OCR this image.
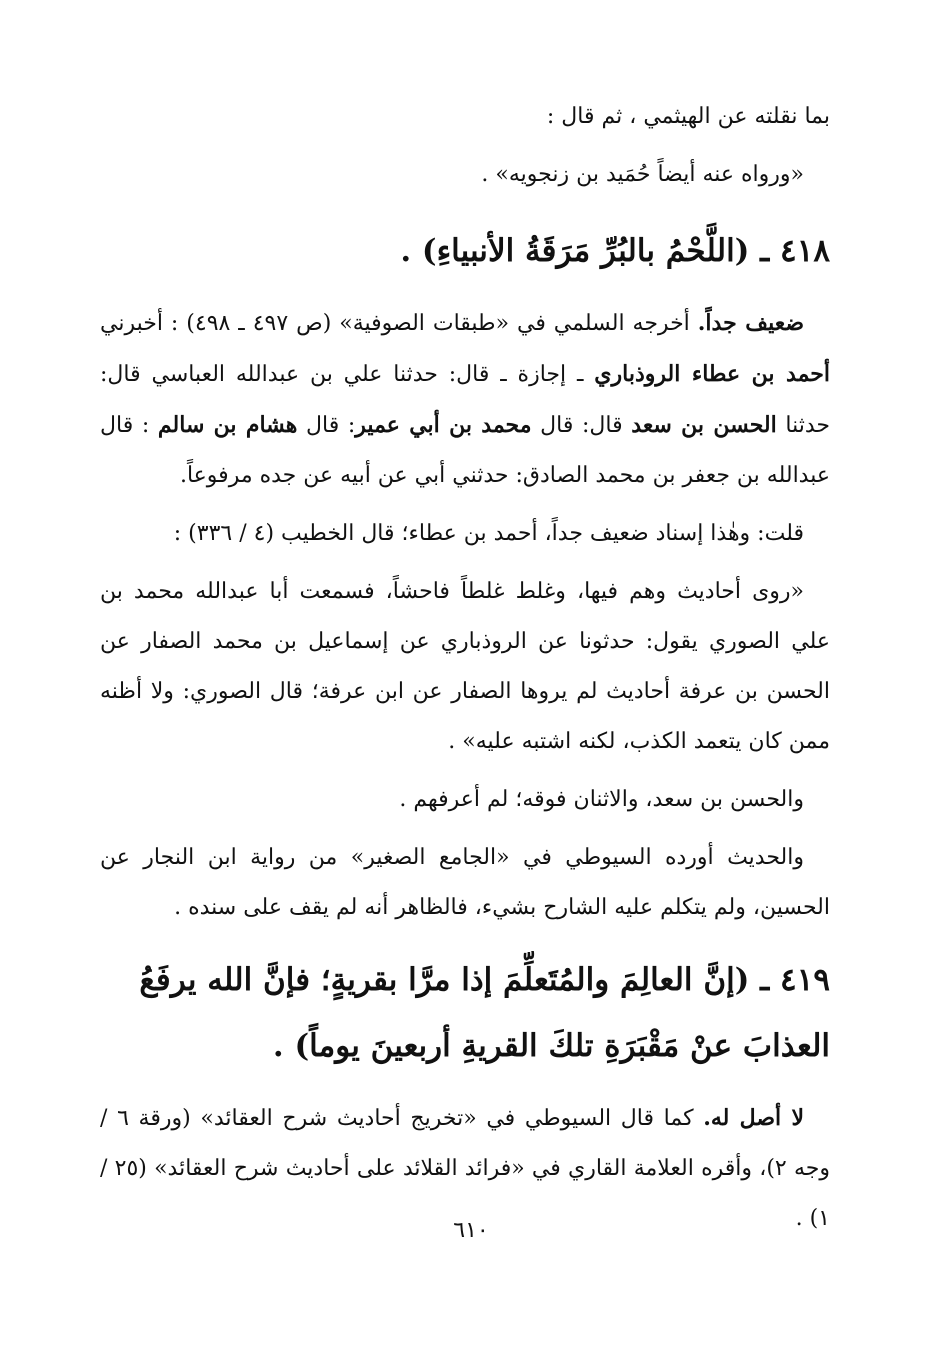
بما نقلته عن الهيثمي ، ثم قال :

«ورواه عنه أيضاً حُمَيد بن زنجويه» .

٤١٨ ـ (اللَّحْمُ بالبُرِّ مَرَقَةُ الأنبياءِ) .

ضعيف جداً. أخرجه السلمي في «طبقات الصوفية» (ص ٤٩٧ ـ ٤٩٨) : أخبرني أحمد بن عطاء الروذباري ـ إجازة ـ قال: حدثنا علي بن عبدالله العباسي قال: حدثنا الحسن بن سعد قال: قال محمد بن أبي عمير: قال هشام بن سالم : قال عبدالله بن جعفر بن محمد الصادق: حدثني أبي عن أبيه عن جده مرفوعاً.

قلت: وهٰذا إسناد ضعيف جداً، أحمد بن عطاء؛ قال الخطيب (٤ / ٣٣٦) :

«روى أحاديث وهم فيها، وغلط غلطاً فاحشاً، فسمعت أبا عبدالله محمد بن علي الصوري يقول: حدثونا عن الروذباري عن إسماعيل بن محمد الصفار عن الحسن بن عرفة أحاديث لم يروها الصفار عن ابن عرفة؛ قال الصوري: ولا أظنه ممن كان يتعمد الكذب، لكنه اشتبه عليه» .

والحسن بن سعد، والاثنان فوقه؛ لم أعرفهم .

والحديث أورده السيوطي في «الجامع الصغير» من رواية ابن النجار عن الحسين، ولم يتكلم عليه الشارح بشيء، فالظاهر أنه لم يقف على سنده .

٤١٩ ـ (إنَّ العالِمَ والمُتَعلِّمَ إذا مرَّا بقريةٍ؛ فإنَّ الله يرفَعُ العذابَ عنْ مَقْبَرَةِ تلكَ القريةِ أربعينَ يوماً) .

لا أصل له. كما قال السيوطي في «تخريج أحاديث شرح العقائد» (ورقة ٦ / وجه ٢)، وأقره العلامة القاري في «فرائد القلائد على أحاديث شرح العقائد» (٢٥ / ١) .

٦١٠
